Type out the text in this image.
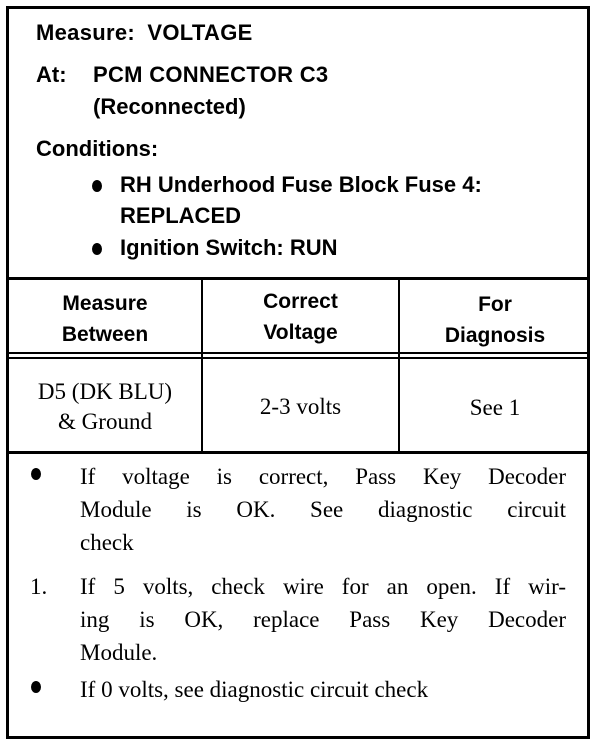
Measure: VOLTAGE
At: PCM CONNECTOR C3
(Reconnected)
Conditions:
RH Underhood Fuse Block Fuse 4:
REPLACED
Ignition Switch: RUN
Measure
Between
Correct
Voltage
For
Diagnosis
D5 (DK BLU)
& Ground
2-3 volts	See 1
If voltage is correct, Pass Key Decoder
Module is OK. See diagnostic circuit
check
1. If 5 volts, check wire for an open. If wir-
ing is OK, replace Pass Key Decoder
Module.
If 0 volts, see diagnostic circuit check
